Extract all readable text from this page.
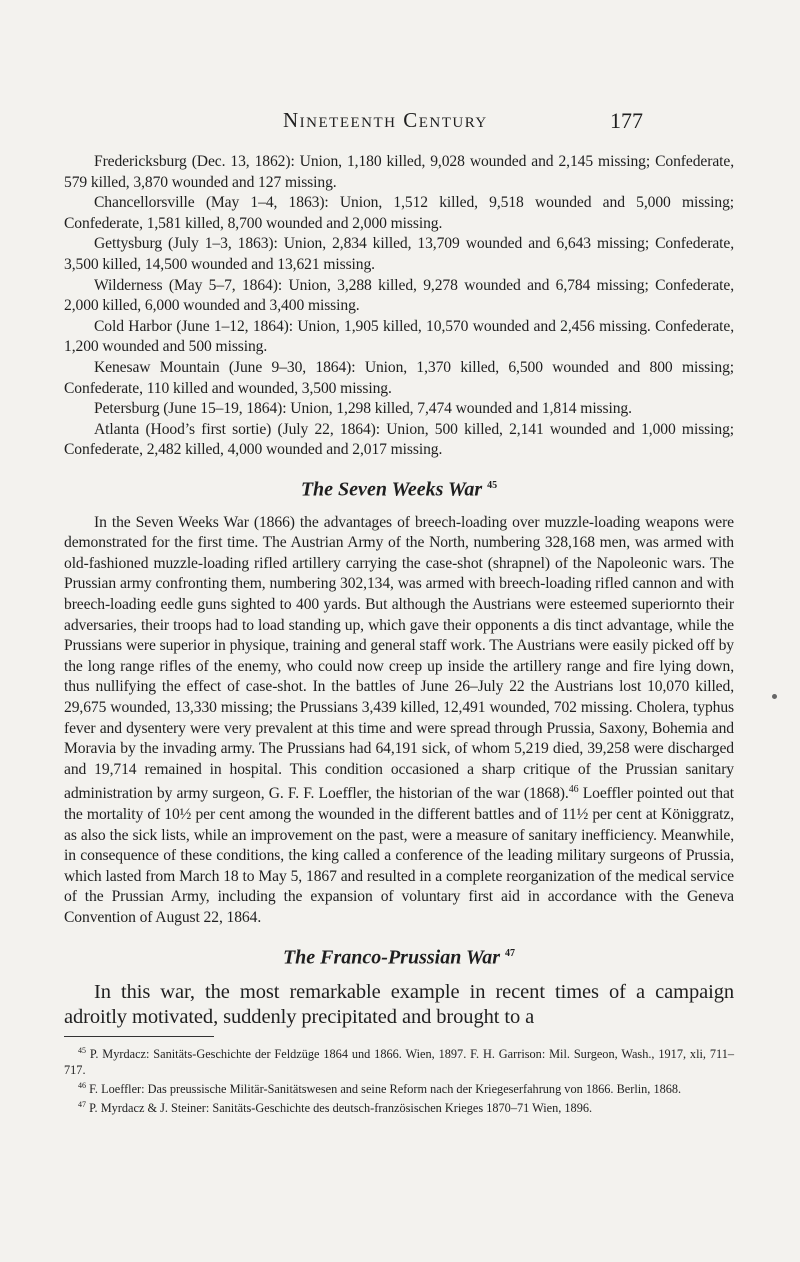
Nineteenth Century	177

Fredericksburg (Dec. 13, 1862): Union, 1,180 killed, 9,028 wounded and 2,145 missing; Confederate, 579 killed, 3,870 wounded and 127 missing.

Chancellorsville (May 1–4, 1863): Union, 1,512 killed, 9,518 wounded and 5,000 missing; Confederate, 1,581 killed, 8,700 wounded and 2,000 missing.

Gettysburg (July 1–3, 1863): Union, 2,834 killed, 13,709 wounded and 6,643 missing; Confederate, 3,500 killed, 14,500 wounded and 13,621 missing.

Wilderness (May 5–7, 1864): Union, 3,288 killed, 9,278 wounded and 6,784 missing; Confederate, 2,000 killed, 6,000 wounded and 3,400 missing.

Cold Harbor (June 1–12, 1864): Union, 1,905 killed, 10,570 wounded and 2,456 missing. Confederate, 1,200 wounded and 500 missing.

Kenesaw Mountain (June 9–30, 1864): Union, 1,370 killed, 6,500 wounded and 800 missing; Confederate, 110 killed and wounded, 3,500 missing.

Petersburg (June 15–19, 1864): Union, 1,298 killed, 7,474 wounded and 1,814 missing.

Atlanta (Hood’s first sortie) (July 22, 1864): Union, 500 killed, 2,141 wounded and 1,000 missing; Confederate, 2,482 killed, 4,000 wounded and 2,017 missing.

The Seven Weeks War $^{45}$

In the Seven Weeks War (1866) the advantages of breech-loading over muzzle-loading weapons were demonstrated for the first time. The Austrian Army of the North, numbering 328,168 men, was armed with old-fashioned muzzle-loading rifled artillery carrying the case-shot (shrapnel) of the Napoleonic wars. The Prussian army confronting them, numbering 302,134, was armed with breech-loading rifled cannon and with breech-loading eedle guns sighted to 400 yards. But although the Austrians were esteemed superiornto their adversaries, their troops had to load standing up, which gave their opponents a dis tinct advantage, while the Prussians were superior in physique, training and general staff work. The Austrians were easily picked off by the long range rifles of the enemy, who could now creep up inside the artillery range and fire lying down, thus nullifying the effect of case-shot. In the battles of June 26–July 22 the Austrians lost 10,070 killed, 29,675 wounded, 13,330 missing; the Prussians 3,439 killed, 12,491 wounded, 702 missing. Cholera, typhus fever and dysentery were very prevalent at this time and were spread through Prussia, Saxony, Bohemia and Moravia by the invading army. The Prussians had 64,191 sick, of whom 5,219 died, 39,258 were discharged and 19,714 remained in hospital. This condition occasioned a sharp critique of the Prussian sanitary administration by army surgeon, G. F. F. Loeffler, the historian of the war (1868).$^{46}$ Loeffler pointed out that the mortality of 10½ per cent among the wounded in the different battles and of 11½ per cent at Königgratz, as also the sick lists, while an improvement on the past, were a measure of sanitary inefficiency. Meanwhile, in consequence of these conditions, the king called a conference of the leading military surgeons of Prussia, which lasted from March 18 to May 5, 1867 and resulted in a complete reorganization of the medical service of the Prussian Army, including the expansion of voluntary first aid in accordance with the Geneva Convention of August 22, 1864.

The Franco-Prussian War $^{47}$

In this war, the most remarkable example in recent times of a campaign adroitly motivated, suddenly precipitated and brought to a

$^{45}$ P. Myrdacz: Sanitäts-Geschichte der Feldzüge 1864 und 1866. Wien, 1897. F. H. Garrison: Mil. Surgeon, Wash., 1917, xli, 711–717.

$^{46}$ F. Loeffler: Das preussische Militär-Sanitätswesen and seine Reform nach der Kriegeserfahrung von 1866. Berlin, 1868.

$^{47}$ P. Myrdacz & J. Steiner: Sanitäts-Geschichte des deutsch-französischen Krieges 1870–71 Wien, 1896.
